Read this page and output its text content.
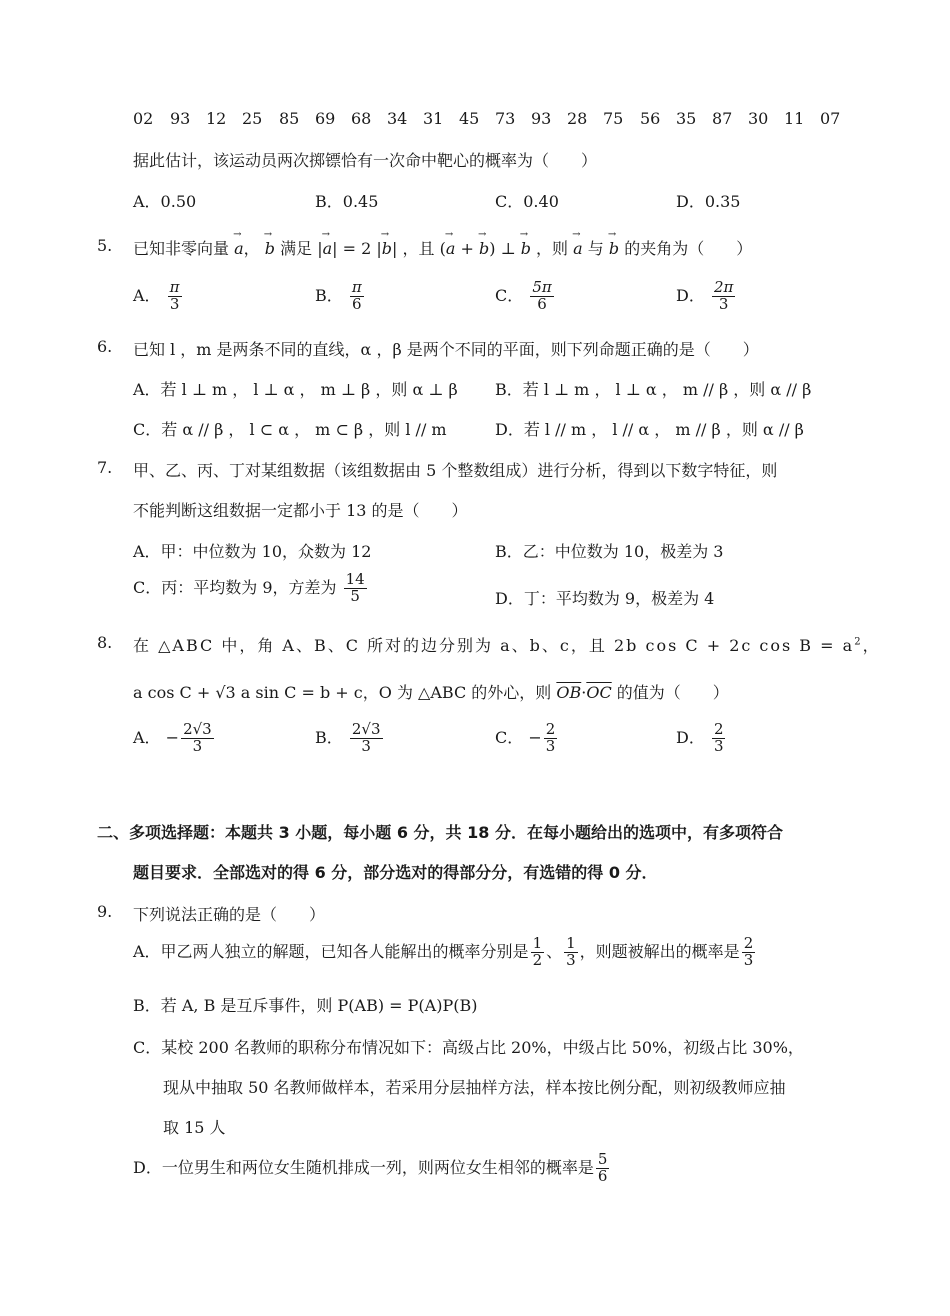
02 93 12 25 85 69 68 34 31 45 73 93 28 75 56 35 87 30 11 07
据此估计，该运动员两次掷镖恰有一次命中靶心的概率为（　　）
A．0.50	B．0.45	C．0.40	D．0.35
5. 已知非零向量 → a， → b 满足 |→ a| = 2 |→ b| ，且 (→ a + → b) ⊥ → b ，则 → a 与 → b 的夹角为（　　）
A． $\frac{\pi}{3}$	B． $\frac{\pi}{6}$	C． $\frac{5\pi}{6}$	D． $\frac{2\pi}{3}$
6. 已知 l ，m 是两条不同的直线，α ，β 是两个不同的平面，则下列命题正确的是（　　）
A．若 l ⊥ m ， l ⊥ α ， m ⊥ β ，则 α ⊥ β B．若 l ⊥ m ， l ⊥ α ， m // β ，则 α // β
C．若 α // β ， l ⊂ α ， m ⊂ β ，则 l // m	D．若 l // m ， l // α ， m // β ，则 α // β
7. 甲、乙、丙、丁对某组数据（该组数据由 5 个整数组成）进行分析，得到以下数字特征，则
不能判断这组数据一定都小于 13 的是（　　）
A．甲：中位数为 10，众数为 12	B．乙：中位数为 10，极差为 3
C．丙：平均数为 9，方差为 $\frac{14}{5}$	D．丁：平均数为 9，极差为 4
8. 在 △ABC 中，角 A、B、C 所对的边分别为 a、b、c，且 2b cos C + 2c $\cos B = a^2$，
a cos C + √3 a sin C = b + c，O 为 △ABC 的外心，则 $\overline{OB}\cdot\overline{OC}$ 的值为（　　）
A． − $\frac{2√3}{3}$	B． $\frac{2√3}{3}$	C． − $\frac{2}{3}$	D． $\frac{2}{3}$
二、多项选择题：本题共 3 小题，每小题 6 分，共 18 分．在每小题给出的选项中，有多项符合
题目要求．全部选对的得 6 分，部分选对的得部分分，有选错的得 0 分．
9. 下列说法正确的是（　　）
A．甲乙两人独立的解题，已知各人能解出的概率分别是 $\frac{1}{2}$ 、 $\frac{1}{3}$ ，则题被解出的概率是 $\frac{2}{3}$
B．若 A, B 是互斥事件，则 P(AB) = P(A)P(B)
C．某校 200 名教师的职称分布情况如下：高级占比 20%，中级占比 50%，初级占比 30%，
现从中抽取 50 名教师做样本，若采用分层抽样方法，样本按比例分配，则初级教师应抽
取 15 人
D．一位男生和两位女生随机排成一列，则两位女生相邻的概率是 $\frac{5}{6}$
